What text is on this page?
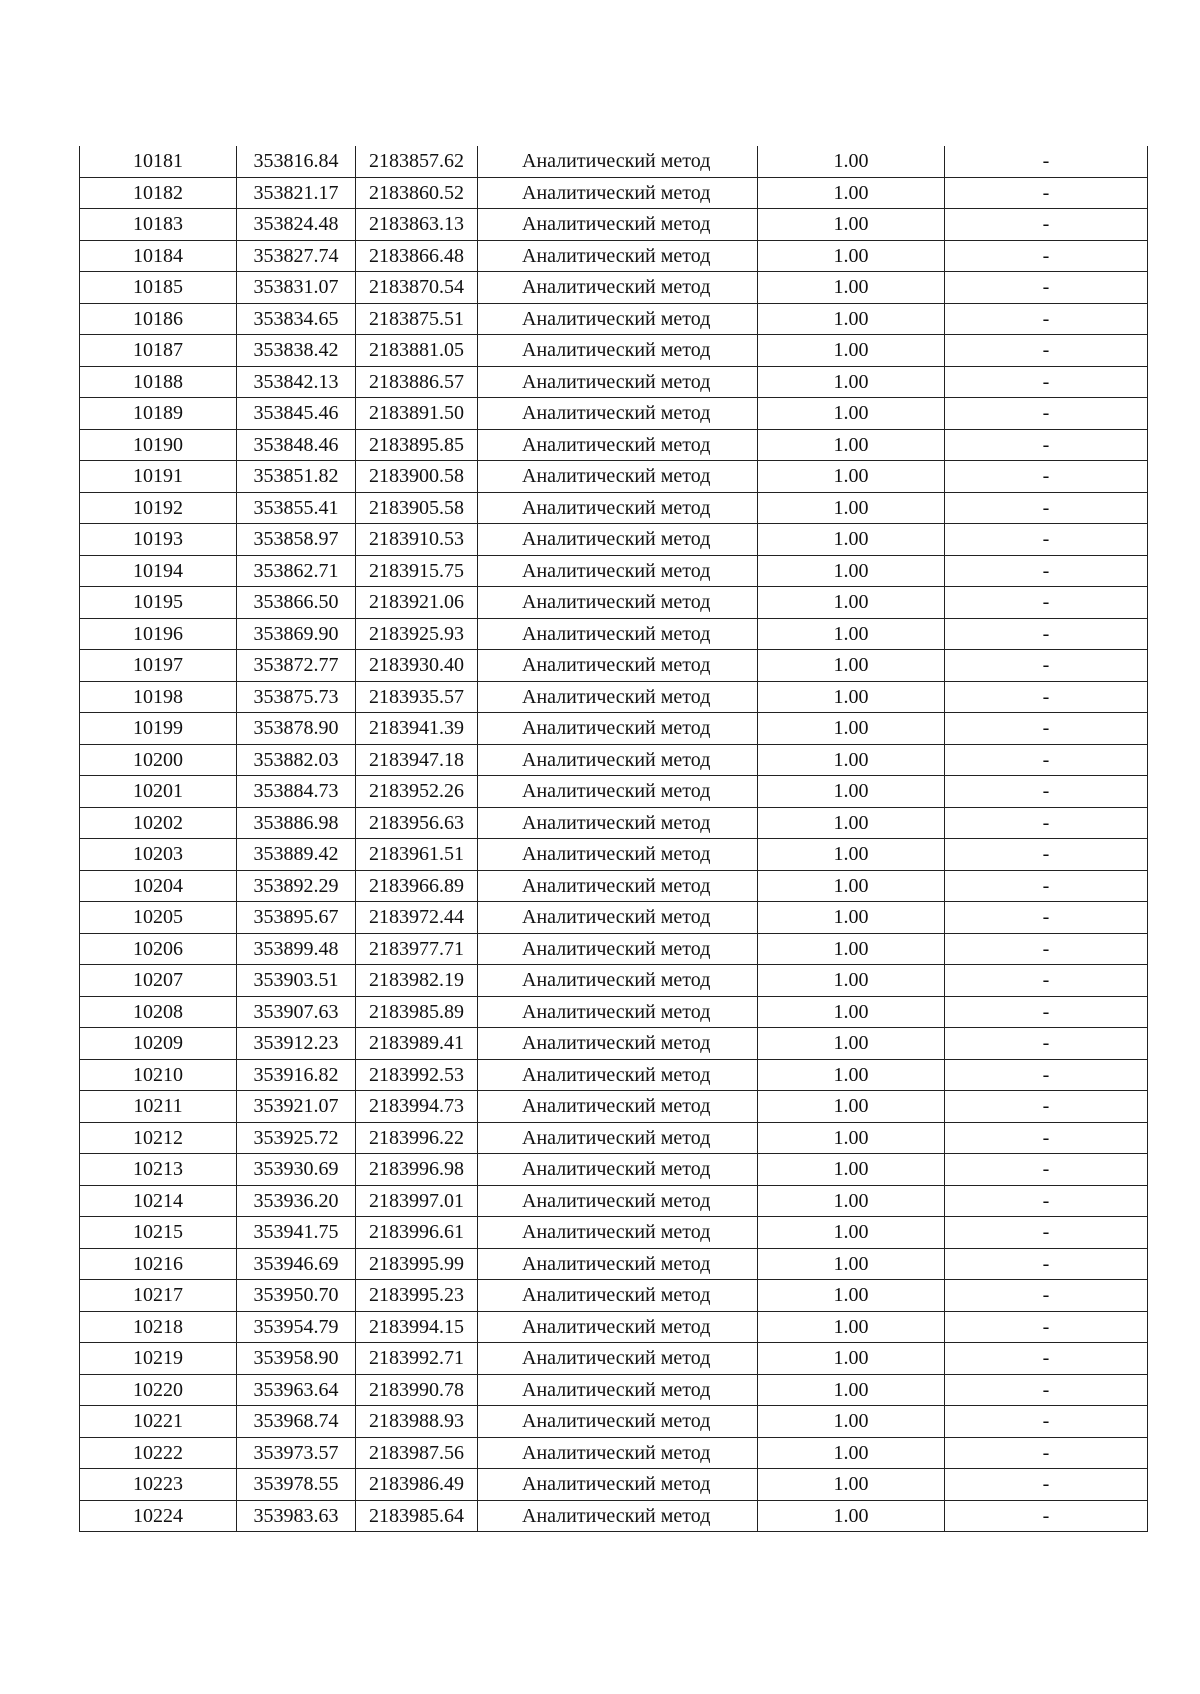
10181	353816.84	2183857.62	Аналитический метод	1.00	-
10182	353821.17	2183860.52	Аналитический метод	1.00	-
10183	353824.48	2183863.13	Аналитический метод	1.00	-
10184	353827.74	2183866.48	Аналитический метод	1.00	-
10185	353831.07	2183870.54	Аналитический метод	1.00	-
10186	353834.65	2183875.51	Аналитический метод	1.00	-
10187	353838.42	2183881.05	Аналитический метод	1.00	-
10188	353842.13	2183886.57	Аналитический метод	1.00	-
10189	353845.46	2183891.50	Аналитический метод	1.00	-
10190	353848.46	2183895.85	Аналитический метод	1.00	-
10191	353851.82	2183900.58	Аналитический метод	1.00	-
10192	353855.41	2183905.58	Аналитический метод	1.00	-
10193	353858.97	2183910.53	Аналитический метод	1.00	-
10194	353862.71	2183915.75	Аналитический метод	1.00	-
10195	353866.50	2183921.06	Аналитический метод	1.00	-
10196	353869.90	2183925.93	Аналитический метод	1.00	-
10197	353872.77	2183930.40	Аналитический метод	1.00	-
10198	353875.73	2183935.57	Аналитический метод	1.00	-
10199	353878.90	2183941.39	Аналитический метод	1.00	-
10200	353882.03	2183947.18	Аналитический метод	1.00	-
10201	353884.73	2183952.26	Аналитический метод	1.00	-
10202	353886.98	2183956.63	Аналитический метод	1.00	-
10203	353889.42	2183961.51	Аналитический метод	1.00	-
10204	353892.29	2183966.89	Аналитический метод	1.00	-
10205	353895.67	2183972.44	Аналитический метод	1.00	-
10206	353899.48	2183977.71	Аналитический метод	1.00	-
10207	353903.51	2183982.19	Аналитический метод	1.00	-
10208	353907.63	2183985.89	Аналитический метод	1.00	-
10209	353912.23	2183989.41	Аналитический метод	1.00	-
10210	353916.82	2183992.53	Аналитический метод	1.00	-
10211	353921.07	2183994.73	Аналитический метод	1.00	-
10212	353925.72	2183996.22	Аналитический метод	1.00	-
10213	353930.69	2183996.98	Аналитический метод	1.00	-
10214	353936.20	2183997.01	Аналитический метод	1.00	-
10215	353941.75	2183996.61	Аналитический метод	1.00	-
10216	353946.69	2183995.99	Аналитический метод	1.00	-
10217	353950.70	2183995.23	Аналитический метод	1.00	-
10218	353954.79	2183994.15	Аналитический метод	1.00	-
10219	353958.90	2183992.71	Аналитический метод	1.00	-
10220	353963.64	2183990.78	Аналитический метод	1.00	-
10221	353968.74	2183988.93	Аналитический метод	1.00	-
10222	353973.57	2183987.56	Аналитический метод	1.00	-
10223	353978.55	2183986.49	Аналитический метод	1.00	-
10224	353983.63	2183985.64	Аналитический метод	1.00	-
